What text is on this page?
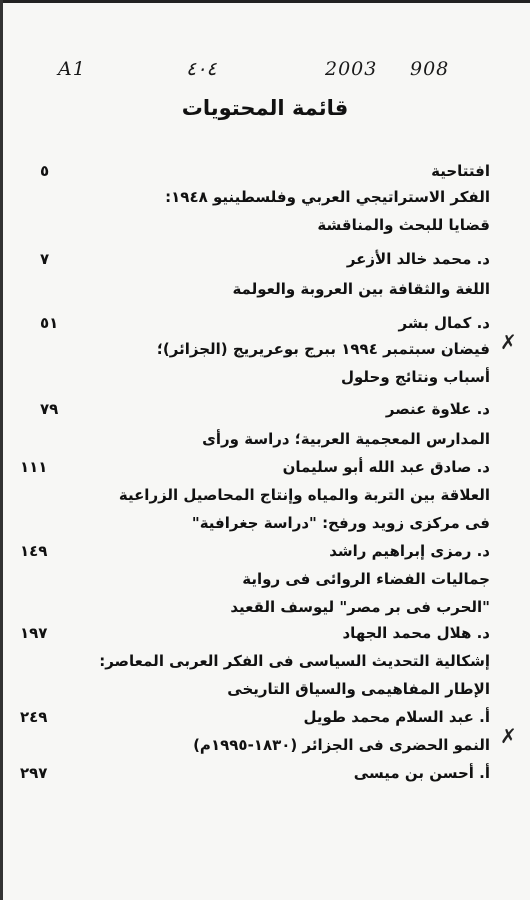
A1	٤٠٤	2003 908
قائمة المحتويات
افتتاحية
٥
الفكر الاستراتيجي العربي وفلسطينيو ١٩٤٨:
قضايا للبحث والمناقشة
د. محمد خالد الأزعر
٧
اللغة والثقافة بين العروبة والعولمة
د. كمال بشر
٥١
فيضان سبتمبر ١٩٩٤ ببرج بوعريريج (الجزائر)؛
أسباب ونتائج وحلول
د. علاوة عنصر
٧٩
المدارس المعجمية العربية؛ دراسة ورأى
د. صادق عبد الله أبو سليمان
١١١
العلاقة بين التربة والمياه وإنتاج المحاصيل الزراعية
فى مركزى زويد ورفح: "دراسة جغرافية"
د. رمزى إبراهيم راشد
١٤٩
جماليات الفضاء الروائى فى رواية
"الحرب فى بر مصر" ليوسف القعيد
د. هلال محمد الجهاد
١٩٧
إشكالية التحديث السياسى فى الفكر العربى المعاصر:
الإطار المفاهيمى والسياق التاريخى
أ. عبد السلام محمد طويل
٢٤٩
النمو الحضرى فى الجزائر (١٨٣٠-١٩٩٥م)
أ. أحسن بن ميسى
٢٩٧
✗
✗
